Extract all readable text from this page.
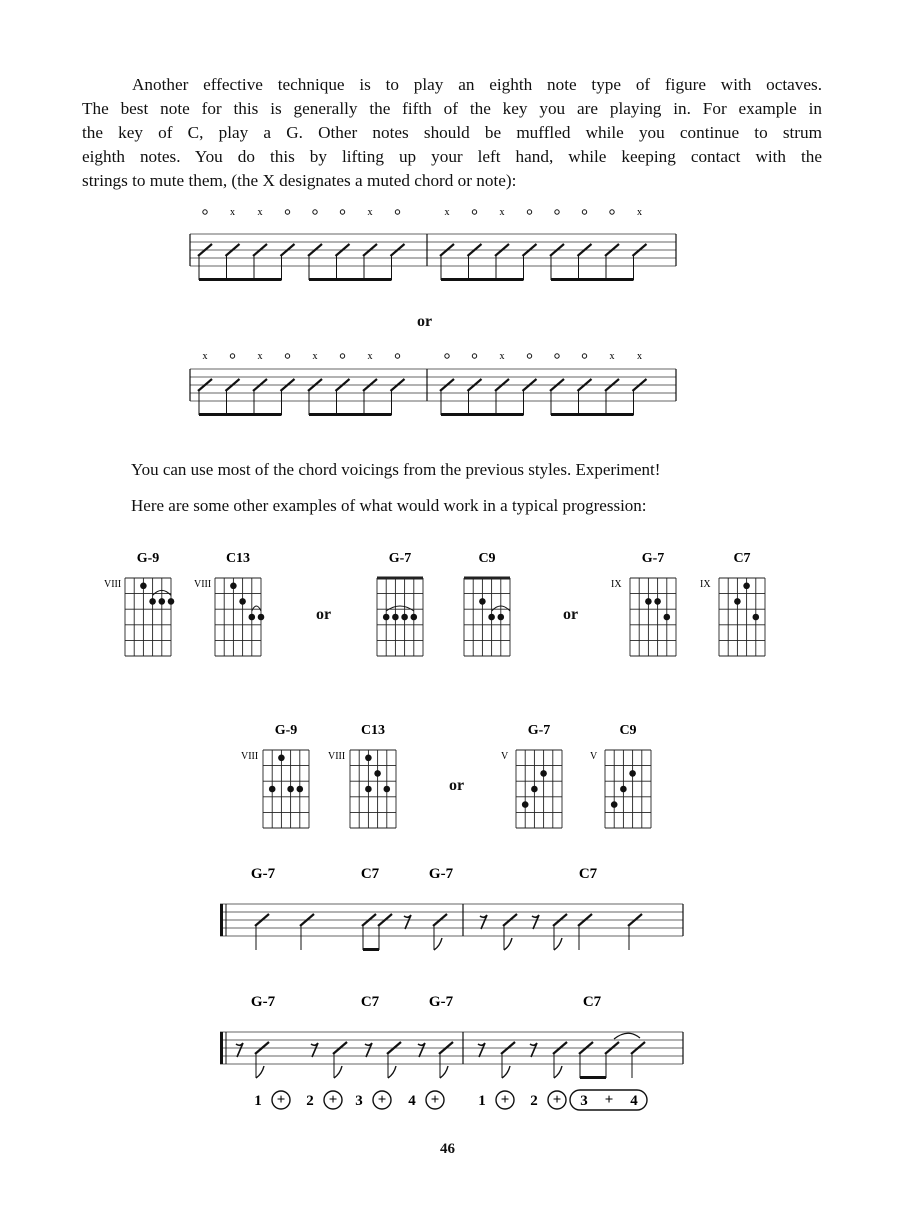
Another effective technique is to play an eighth note type of figure with octaves.
The best note for this is generally the fifth of the key you are playing in. For example in
the key of C, play a G. Other notes should be muffled while you continue to strum
eighth notes. You do this by lifting up your left hand, while keeping contact with the
strings to mute them, (the X designates a muted chord or note):
x x	x	x	x	x
x	x	x	x	x	x x
or
You can use most of the chord voicings from the previous styles. Experiment!
Here are some other examples of what would work in a typical progression:
G-9
VIII
C13
VIII
G-7	C9	G-7
IX
C7
IX
G-9
VIII
C13
VIII
G-7
V
C9
V
or	or
or
G-7	C7	G-7	C7
G-7	C7	G-7	C7
1 + 2 + 3 + 4 +	1 + 2 + 3 + 4
46
